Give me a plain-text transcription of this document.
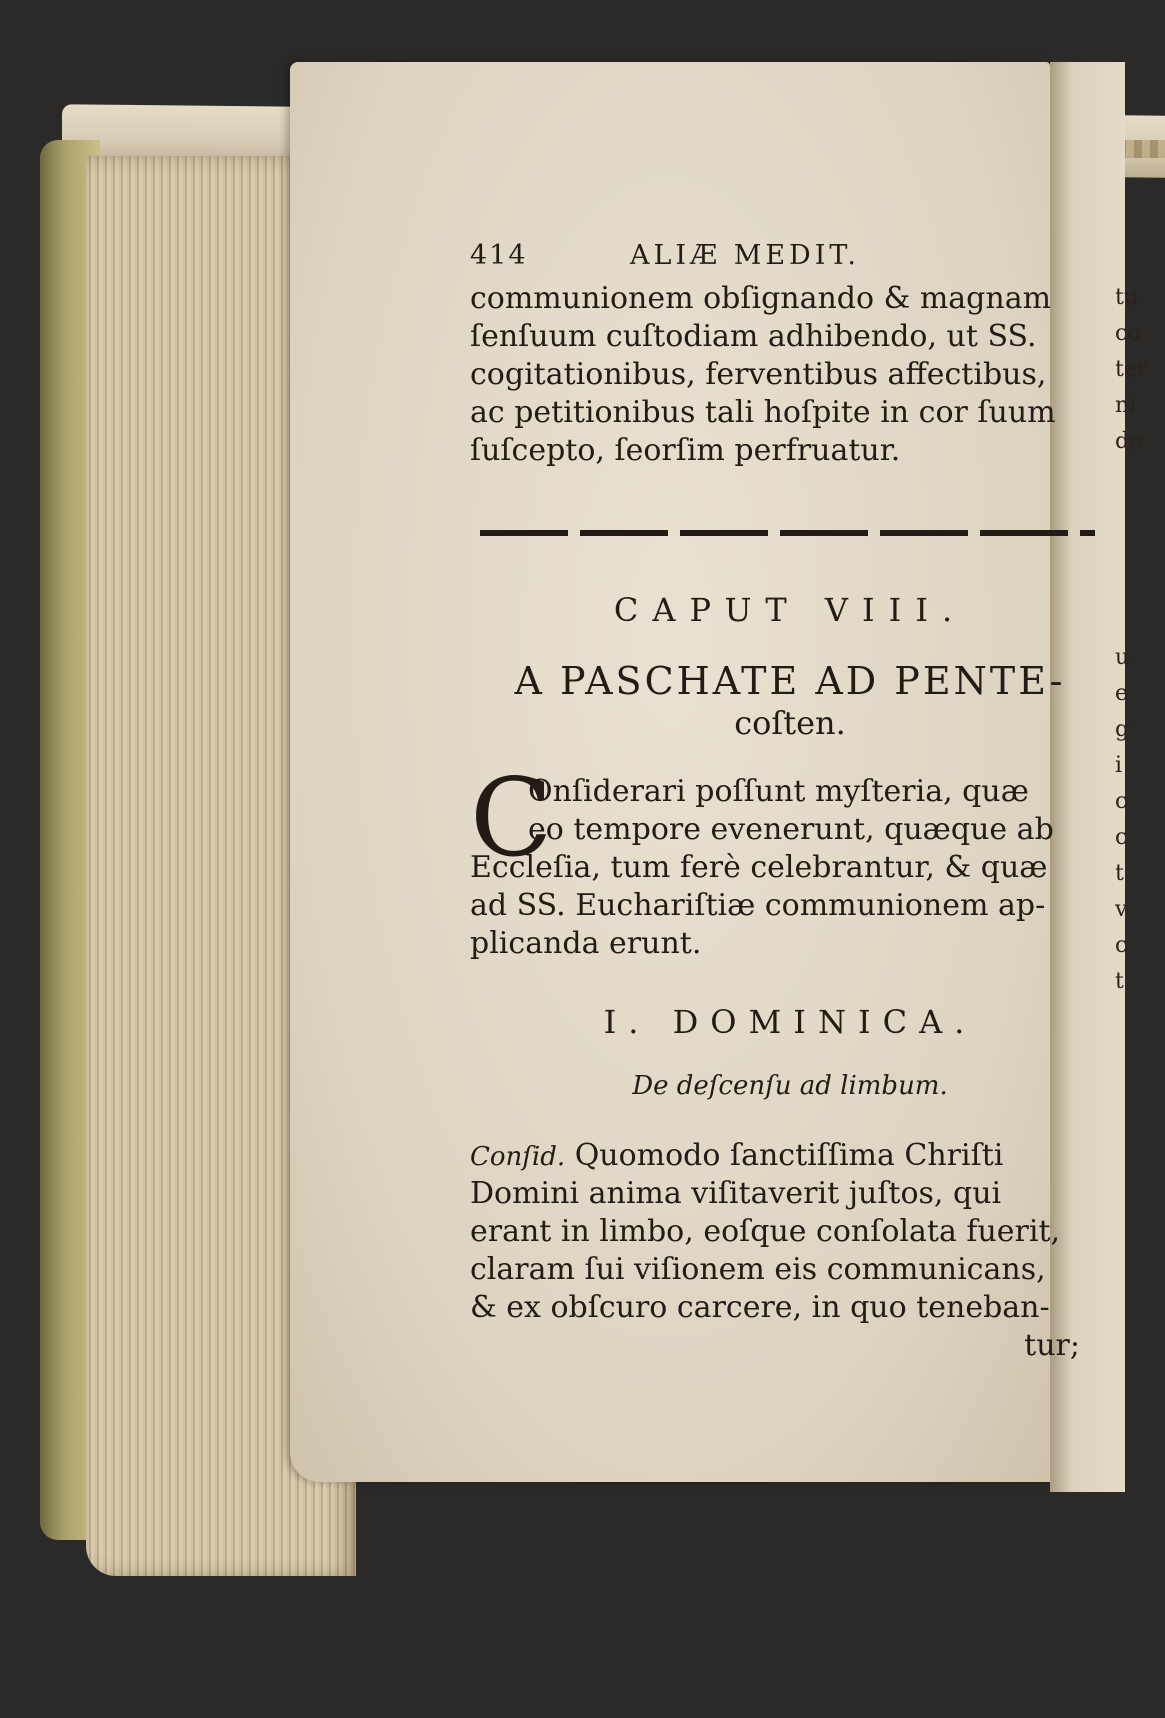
tu
co
ter
ni
do
u
e
g
i
c
c
t
v
c
t
414	ALIÆ MEDIT.
communionem obſignando & magnam
ſenſuum cuſtodiam adhibendo, ut SS.
cogitationibus, ferventibus affectibus,
ac petitionibus tali hoſpite in cor ſuum
ſuſcepto, ſeorſim perfruatur.
CAPUT VIII.
A PASCHATE AD PENTE-
coſten.
C
Onſiderari poſſunt myſteria, quæ
eo tempore evenerunt, quæque ab
Eccleſia, tum ferè celebrantur, & quæ
ad SS. Euchariſtiæ communionem ap-
plicanda erunt.
I. DOMINICA.
De deſcenſu ad limbum.
Conſid. Quomodo ſanctiſſima Chriſti
Domini anima viſitaverit juſtos, qui
erant in limbo, eoſque conſolata fuerit,
claram ſui viſionem eis communicans,
& ex obſcuro carcere, in quo teneban-
tur;
